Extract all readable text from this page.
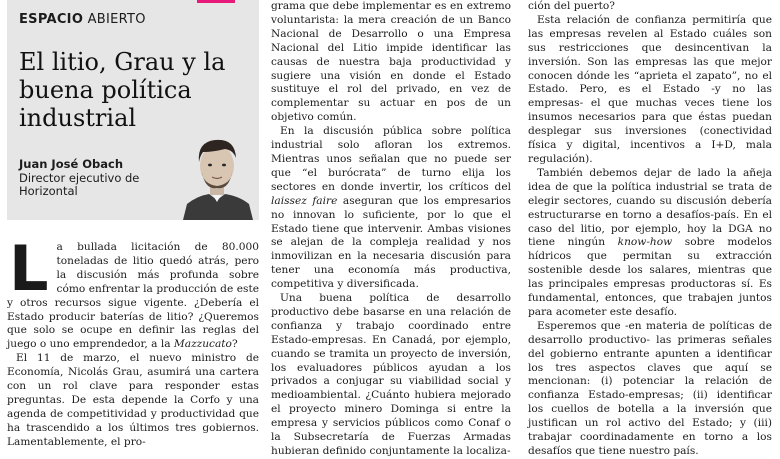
ESPACIO ABIERTO
El litio, Grau y la buena política industrial
Juan José Obach
Director ejecutivo de Horizontal
L a bullada licitación de 80.000 toneladas de litio quedó atrás, pero la discusión más profunda sobre cómo enfrentar la producción de este y otros recursos sigue vigente. ¿Debería el Estado producir baterías de litio? ¿Queremos que solo se ocupe en definir las reglas del juego o uno emprendedor, a la Mazzucato?

El 11 de marzo, el nuevo ministro de Economía, Nicolás Grau, asumirá una cartera con un rol clave para responder estas preguntas. De esta depende la Corfo y una agenda de competitividad y productividad que ha trascendido a los últimos tres gobiernos. Lamentablemente, el pro-

grama que debe implementar es en extremo voluntarista: la mera creación de un Banco Nacional de Desarrollo o una Empresa Nacional del Litio impide identificar las causas de nuestra baja productividad y sugiere una visión en donde el Estado sustituye el rol del privado, en vez de complementar su actuar en pos de un objetivo común.

En la discusión pública sobre política industrial solo afloran los extremos. Mientras unos señalan que no puede ser que “el burócrata” de turno elija los sectores en donde invertir, los críticos del laissez faire aseguran que los empresarios no innovan lo suficiente, por lo que el Estado tiene que intervenir. Ambas visiones se alejan de la compleja realidad y nos inmovilizan en la necesaria discusión para tener una economía más productiva, competitiva y diversificada.

Una buena política de desarrollo productivo debe basarse en una relación de confianza y trabajo coordinado entre Estado-empresas. En Canadá, por ejemplo, cuando se tramita un proyecto de inversión, los evaluadores públicos ayudan a los privados a conjugar su viabilidad social y medioambiental. ¿Cuánto hubiera mejorado el proyecto minero Dominga si entre la empresa y servicios públicos como Conaf o la Subsecretaría de Fuerzas Armadas hubieran definido conjuntamente la localiza-

ción del puerto?

Esta relación de confianza permitiría que las empresas revelen al Estado cuáles son sus restricciones que desincentivan la inversión. Son las empresas las que mejor conocen dónde les “aprieta el zapato”, no el Estado. Pero, es el Estado -y no las empresas- el que muchas veces tiene los insumos necesarios para que éstas puedan desplegar sus inversiones (conectividad física y digital, incentivos a I+D, mala regulación).

También debemos dejar de lado la añeja idea de que la política industrial se trata de elegir sectores, cuando su discusión debería estructurarse en torno a desafíos-país. En el caso del litio, por ejemplo, hoy la DGA no tiene ningún know-how sobre modelos hídricos que permitan su extracción sostenible desde los salares, mientras que las principales empresas productoras sí. Es fundamental, entonces, que trabajen juntos para acometer este desafío.

Esperemos que -en materia de políticas de desarrollo productivo- las primeras señales del gobierno entrante apunten a identificar los tres aspectos claves que aquí se mencionan: (i) potenciar la relación de confianza Estado-empresas; (ii) identificar los cuellos de botella a la inversión que justifican un rol activo del Estado; y (iii) trabajar coordinadamente en torno a los desafíos que tiene nuestro país.
